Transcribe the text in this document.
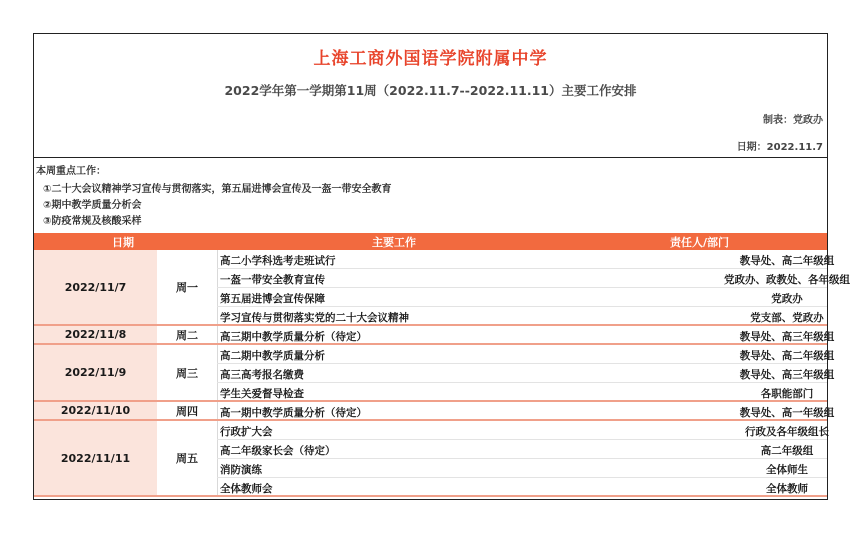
上海工商外国语学院附属中学
2022学年第一学期第11周（2022.11.7--2022.11.11）主要工作安排
制表：党政办
日期：2022.11.7
本周重点工作：
①二十大会议精神学习宣传与贯彻落实，第五届进博会宣传及一盔一带安全教育
②期中教学质量分析会
③防疫常规及核酸采样
日期	主要工作	责任人/部门
2022/11/7	周一
高二小学科选考走班试行	教导处、高二年级组
一盔一带安全教育宣传	党政办、政教处、各年级组
第五届进博会宣传保障	党政办
学习宣传与贯彻落实党的二十大会议精神	党支部、党政办
2022/11/8	周二	高三期中教学质量分析（待定）	教导处、高三年级组
2022/11/9	周三
高二期中教学质量分析	教导处、高二年级组
高三高考报名缴费	教导处、高三年级组
学生关爱督导检查	各职能部门
2022/11/10	周四	高一期中教学质量分析（待定）	教导处、高一年级组
2022/11/11	周五
行政扩大会	行政及各年级组长
高二年级家长会（待定）	高二年级组
消防演练	全体师生
全体教师会	全体教师
